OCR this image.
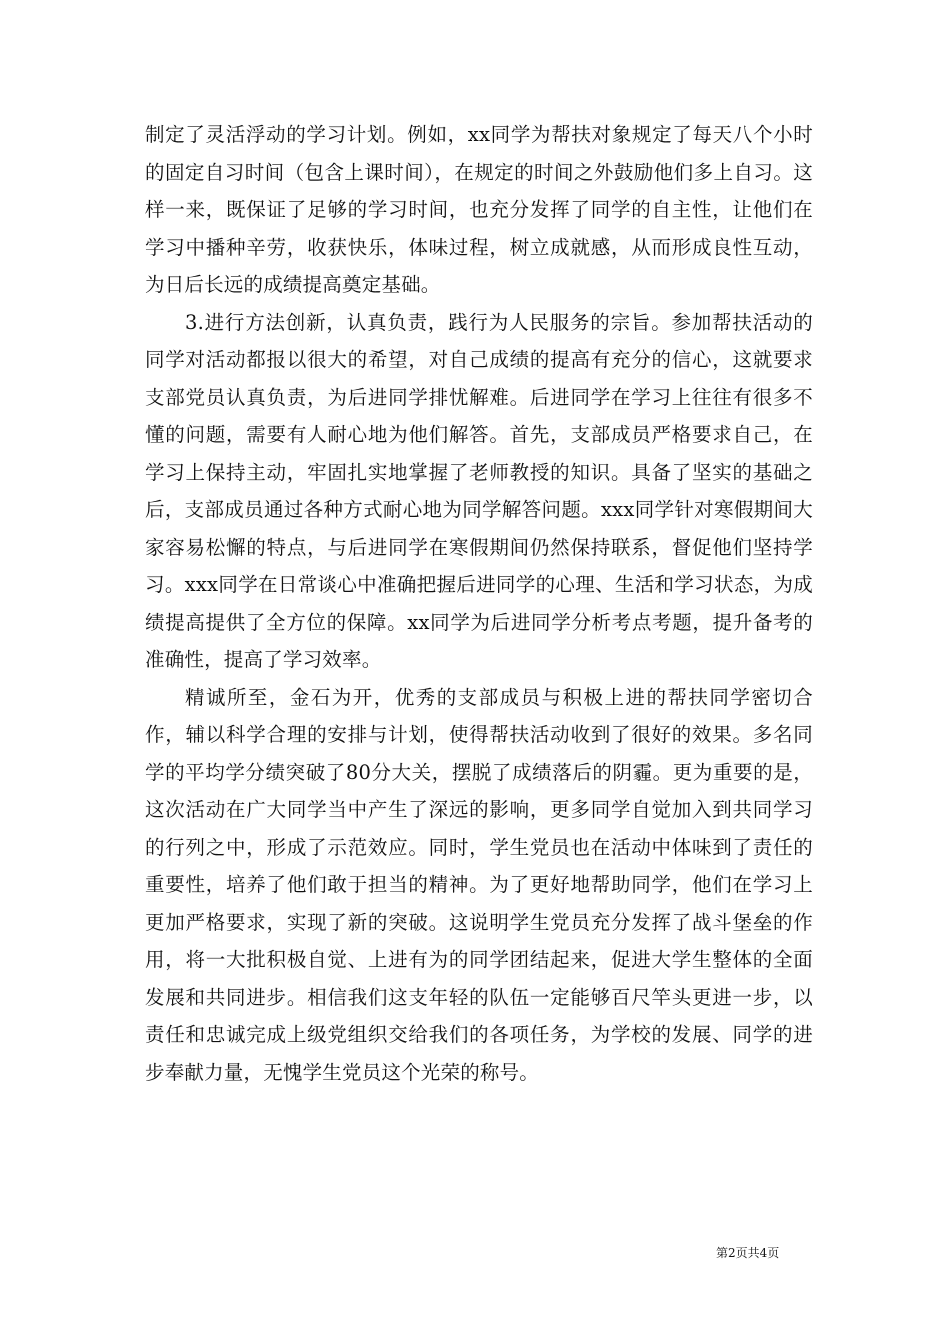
制定了灵活浮动的学习计划。例如，xx同学为帮扶对象规定了每天八个小时的固定自习时间（包含上课时间），在规定的时间之外鼓励他们多上自习。这样一来，既保证了足够的学习时间，也充分发挥了同学的自主性，让他们在学习中播种辛劳，收获快乐，体味过程，树立成就感，从而形成良性互动，为日后长远的成绩提高奠定基础。

3.进行方法创新，认真负责，践行为人民服务的宗旨。参加帮扶活动的同学对活动都报以很大的希望，对自己成绩的提高有充分的信心，这就要求支部党员认真负责，为后进同学排忧解难。后进同学在学习上往往有很多不懂的问题，需要有人耐心地为他们解答。首先，支部成员严格要求自己，在学习上保持主动，牢固扎实地掌握了老师教授的知识。具备了坚实的基础之后，支部成员通过各种方式耐心地为同学解答问题。xxx同学针对寒假期间大家容易松懈的特点，与后进同学在寒假期间仍然保持联系，督促他们坚持学习。xxx同学在日常谈心中准确把握后进同学的心理、生活和学习状态，为成绩提高提供了全方位的保障。xx同学为后进同学分析考点考题，提升备考的准确性，提高了学习效率。

精诚所至，金石为开，优秀的支部成员与积极上进的帮扶同学密切合作，辅以科学合理的安排与计划，使得帮扶活动收到了很好的效果。多名同学的平均学分绩突破了80分大关，摆脱了成绩落后的阴霾。更为重要的是，这次活动在广大同学当中产生了深远的影响，更多同学自觉加入到共同学习的行列之中，形成了示范效应。同时，学生党员也在活动中体味到了责任的重要性，培养了他们敢于担当的精神。为了更好地帮助同学，他们在学习上更加严格要求，实现了新的突破。这说明学生党员充分发挥了战斗堡垒的作用，将一大批积极自觉、上进有为的同学团结起来，促进大学生整体的全面发展和共同进步。相信我们这支年轻的队伍一定能够百尺竿头更进一步，以责任和忠诚完成上级党组织交给我们的各项任务，为学校的发展、同学的进步奉献力量，无愧学生党员这个光荣的称号。

第2页共4页
